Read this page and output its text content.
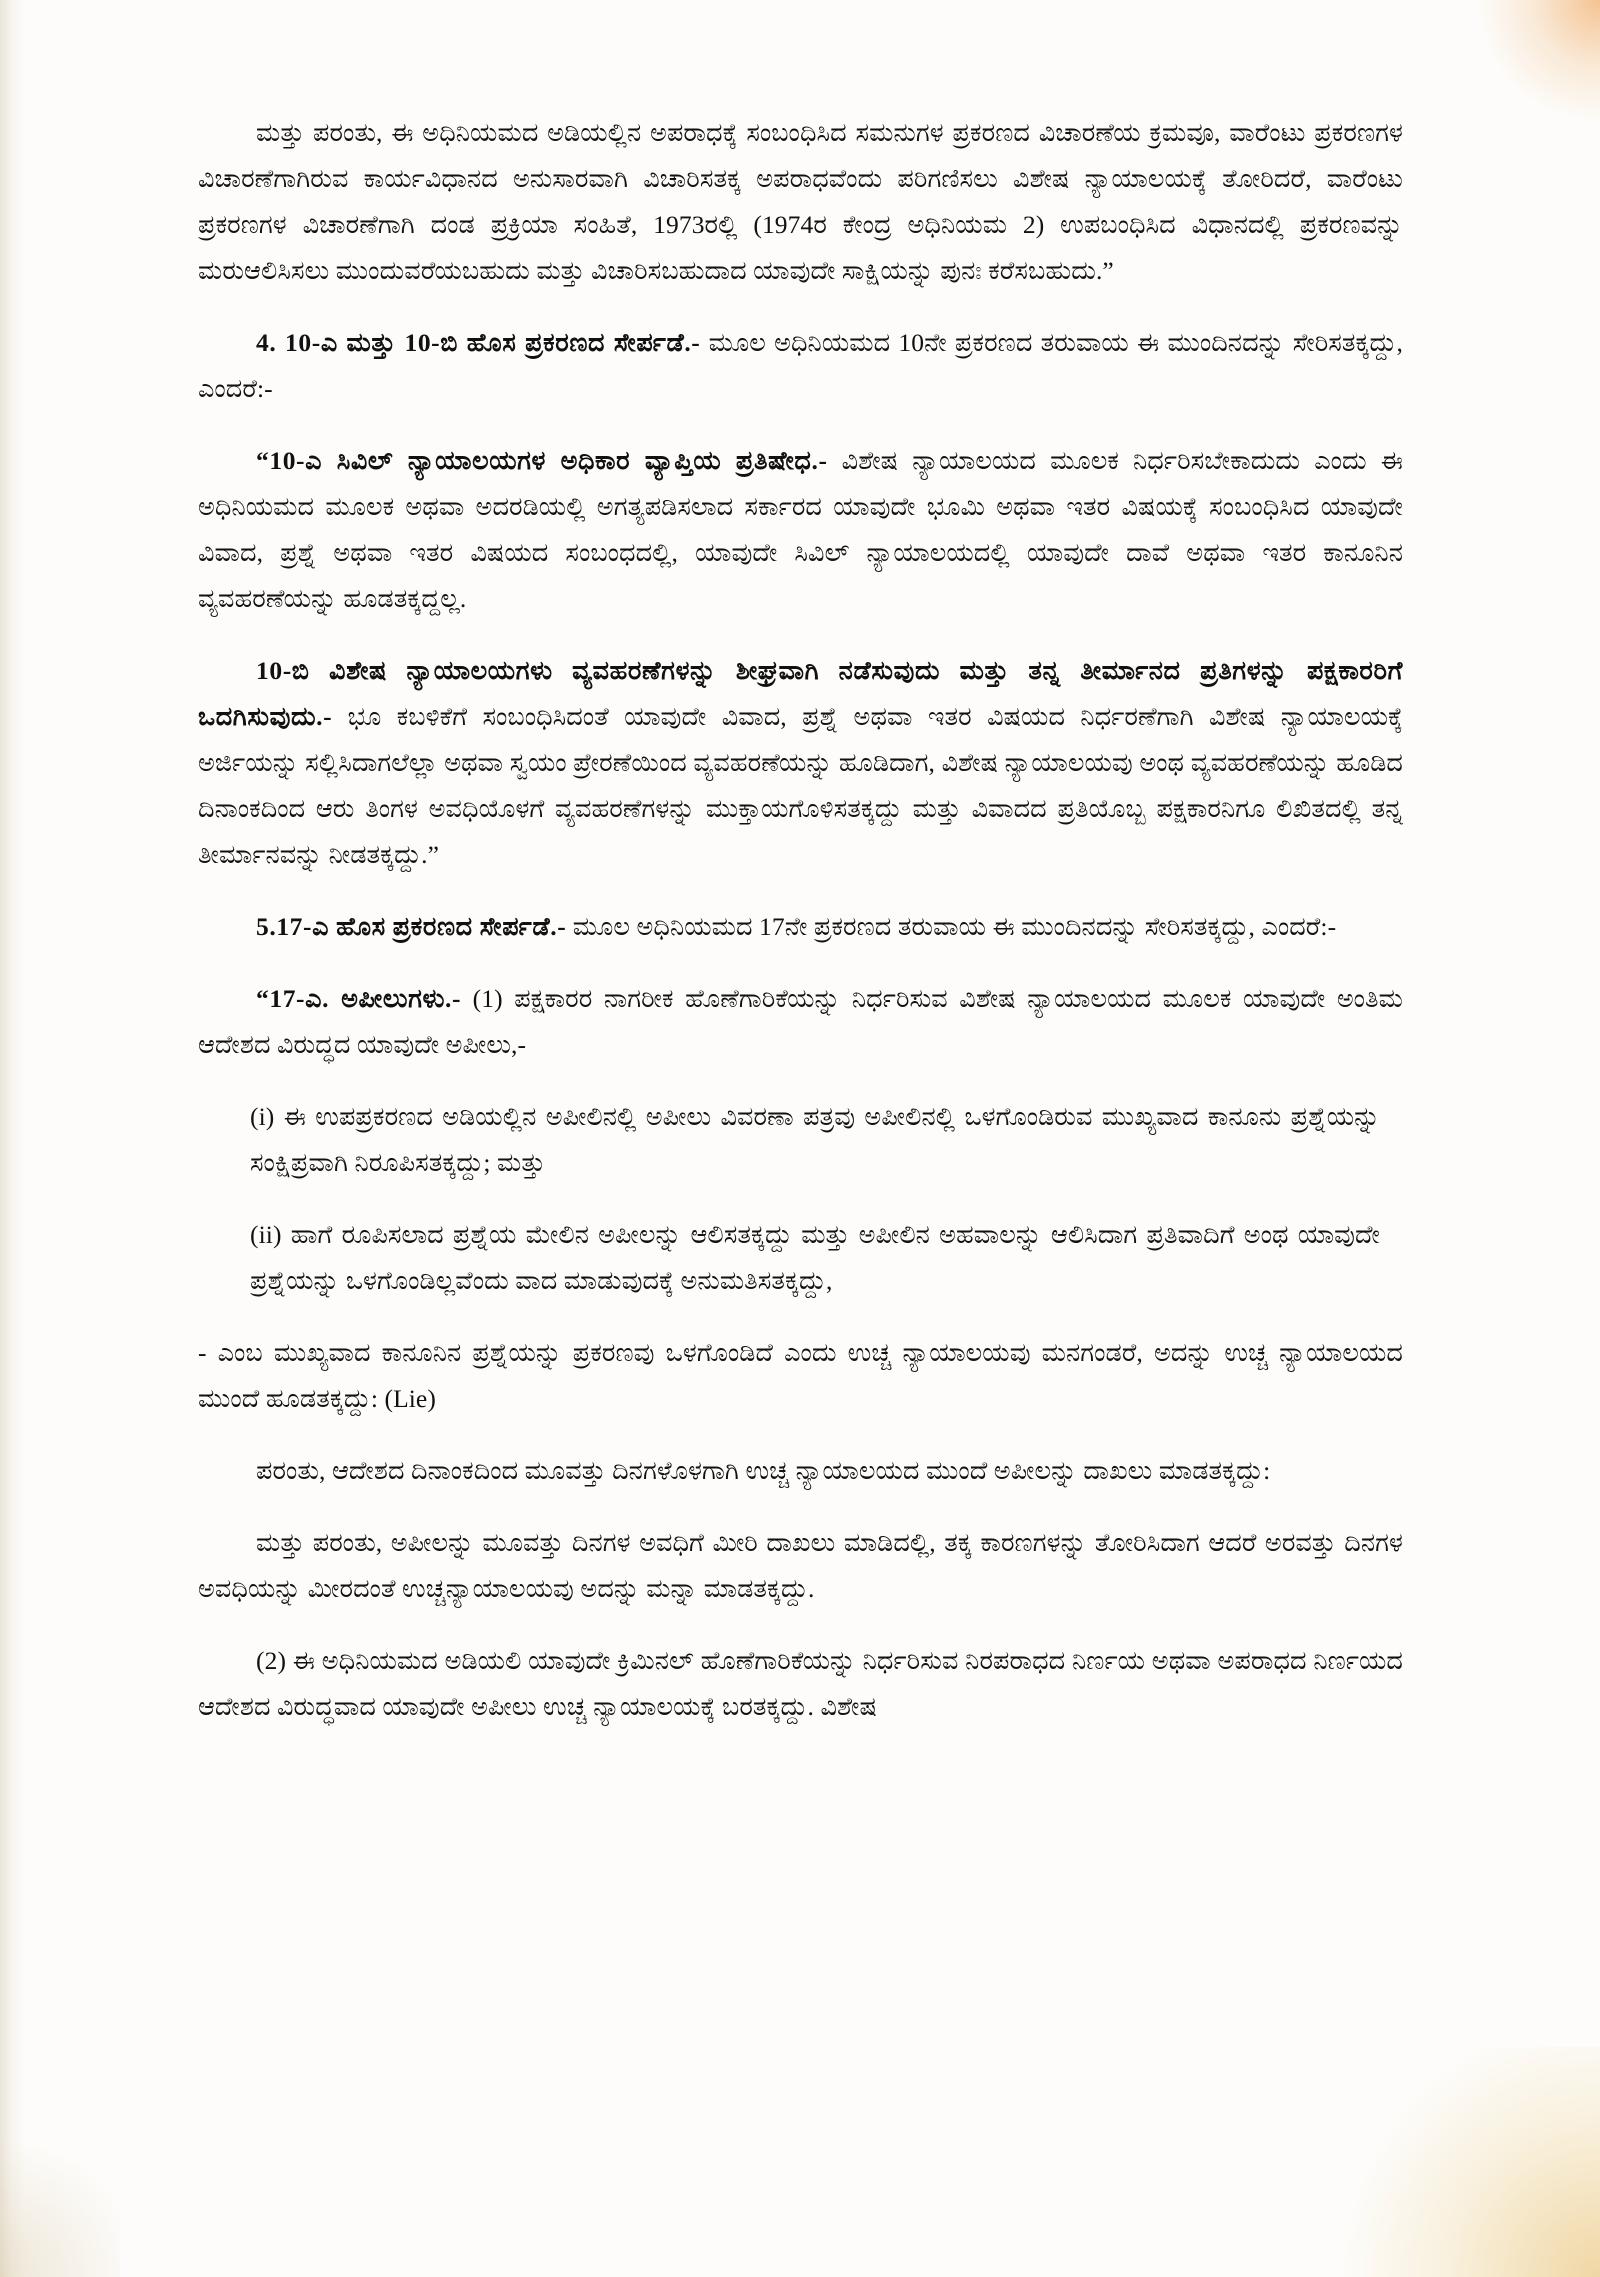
ಮತ್ತು ಪರಂತು, ಈ ಅಧಿನಿಯಮದ ಅಡಿಯಲ್ಲಿನ ಅಪರಾಧಕ್ಕೆ ಸಂಬಂಧಿಸಿದ ಸಮನುಗಳ ಪ್ರಕರಣದ ವಿಚಾರಣೆಯ ಕ್ರಮವೂ, ವಾರೆಂಟು ಪ್ರಕರಣಗಳ ವಿಚಾರಣೆಗಾಗಿರುವ ಕಾರ್ಯವಿಧಾನದ ಅನುಸಾರವಾಗಿ ವಿಚಾರಿಸತಕ್ಕ ಅಪರಾಧವೆಂದು ಪರಿಗಣಿಸಲು ವಿಶೇಷ ನ್ಯಾಯಾಲಯಕ್ಕೆ ತೋರಿದರೆ, ವಾರೆಂಟು ಪ್ರಕರಣಗಳ ವಿಚಾರಣೆಗಾಗಿ ದಂಡ ಪ್ರಕ್ರಿಯಾ ಸಂಹಿತೆ, 1973ರಲ್ಲಿ (1974ರ ಕೇಂದ್ರ ಅಧಿನಿಯಮ 2) ಉಪಬಂಧಿಸಿದ ವಿಧಾನದಲ್ಲಿ ಪ್ರಕರಣವನ್ನು ಮರುಆಲಿಸಿಸಲು ಮುಂದುವರೆಯಬಹುದು ಮತ್ತು ವಿಚಾರಿಸಬಹುದಾದ ಯಾವುದೇ ಸಾಕ್ಷಿಯನ್ನು ಪುನಃ ಕರೆಸಬಹುದು.”

4. 10-ಎ ಮತ್ತು 10-ಬಿ ಹೊಸ ಪ್ರಕರಣದ ಸೇರ್ಪಡೆ.- ಮೂಲ ಅಧಿನಿಯಮದ 10ನೇ ಪ್ರಕರಣದ ತರುವಾಯ ಈ ಮುಂದಿನದನ್ನು ಸೇರಿಸತಕ್ಕದ್ದು, ಎಂದರೆ:-

“10-ಎ ಸಿವಿಲ್ ನ್ಯಾಯಾಲಯಗಳ ಅಧಿಕಾರ ವ್ಯಾಪ್ತಿಯ ಪ್ರತಿಷೇಧ.- ವಿಶೇಷ ನ್ಯಾಯಾಲಯದ ಮೂಲಕ ನಿರ್ಧರಿಸಬೇಕಾದುದು ಎಂದು ಈ ಅಧಿನಿಯಮದ ಮೂಲಕ ಅಥವಾ ಅದರಡಿಯಲ್ಲಿ ಅಗತ್ಯಪಡಿಸಲಾದ ಸರ್ಕಾರದ ಯಾವುದೇ ಭೂಮಿ ಅಥವಾ ಇತರ ವಿಷಯಕ್ಕೆ ಸಂಬಂಧಿಸಿದ ಯಾವುದೇ ವಿವಾದ, ಪ್ರಶ್ನೆ ಅಥವಾ ಇತರ ವಿಷಯದ ಸಂಬಂಧದಲ್ಲಿ, ಯಾವುದೇ ಸಿವಿಲ್ ನ್ಯಾಯಾಲಯದಲ್ಲಿ ಯಾವುದೇ ದಾವೆ ಅಥವಾ ಇತರ ಕಾನೂನಿನ ವ್ಯವಹರಣೆಯನ್ನು ಹೂಡತಕ್ಕದ್ದಲ್ಲ.

10-ಬಿ ವಿಶೇಷ ನ್ಯಾಯಾಲಯಗಳು ವ್ಯವಹರಣೆಗಳನ್ನು ಶೀಘ್ರವಾಗಿ ನಡೆಸುವುದು ಮತ್ತು ತನ್ನ ತೀರ್ಮಾನದ ಪ್ರತಿಗಳನ್ನು ಪಕ್ಷಕಾರರಿಗೆ ಒದಗಿಸುವುದು.- ಭೂ ಕಬಳಿಕೆಗೆ ಸಂಬಂಧಿಸಿದಂತೆ ಯಾವುದೇ ವಿವಾದ, ಪ್ರಶ್ನೆ ಅಥವಾ ಇತರ ವಿಷಯದ ನಿರ್ಧರಣೆಗಾಗಿ ವಿಶೇಷ ನ್ಯಾಯಾಲಯಕ್ಕೆ ಅರ್ಜಿಯನ್ನು ಸಲ್ಲಿಸಿದಾಗಲೆಲ್ಲಾ ಅಥವಾ ಸ್ವಯಂ ಪ್ರೇರಣೆಯಿಂದ ವ್ಯವಹರಣೆಯನ್ನು ಹೂಡಿದಾಗ, ವಿಶೇಷ ನ್ಯಾಯಾಲಯವು ಅಂಥ ವ್ಯವಹರಣೆಯನ್ನು ಹೂಡಿದ ದಿನಾಂಕದಿಂದ ಆರು ತಿಂಗಳ ಅವಧಿಯೊಳಗೆ ವ್ಯವಹರಣೆಗಳನ್ನು ಮುಕ್ತಾಯಗೊಳಿಸತಕ್ಕದ್ದು ಮತ್ತು ವಿವಾದದ ಪ್ರತಿಯೊಬ್ಬ ಪಕ್ಷಕಾರನಿಗೂ ಲಿಖಿತದಲ್ಲಿ ತನ್ನ ತೀರ್ಮಾನವನ್ನು ನೀಡತಕ್ಕದ್ದು.”

5.17-ಎ ಹೊಸ ಪ್ರಕರಣದ ಸೇರ್ಪಡೆ.- ಮೂಲ ಅಧಿನಿಯಮದ 17ನೇ ಪ್ರಕರಣದ ತರುವಾಯ ಈ ಮುಂದಿನದನ್ನು ಸೇರಿಸತಕ್ಕದ್ದು, ಎಂದರೆ:-

“17-ಎ. ಅಪೀಲುಗಳು.- (1) ಪಕ್ಷಕಾರರ ನಾಗರೀಕ ಹೊಣೆಗಾರಿಕೆಯನ್ನು ನಿರ್ಧರಿಸುವ ವಿಶೇಷ ನ್ಯಾಯಾಲಯದ ಮೂಲಕ ಯಾವುದೇ ಅಂತಿಮ ಆದೇಶದ ವಿರುದ್ಧದ ಯಾವುದೇ ಅಪೀಲು,-

(i) ಈ ಉಪಪ್ರಕರಣದ ಅಡಿಯಲ್ಲಿನ ಅಪೀಲಿನಲ್ಲಿ ಅಪೀಲು ವಿವರಣಾ ಪತ್ರವು ಅಪೀಲಿನಲ್ಲಿ ಒಳಗೊಂಡಿರುವ ಮುಖ್ಯವಾದ ಕಾನೂನು ಪ್ರಶ್ನೆಯನ್ನು ಸಂಕ್ಷಿಪ್ರವಾಗಿ ನಿರೂಪಿಸತಕ್ಕದ್ದು; ಮತ್ತು

(ii) ಹಾಗೆ ರೂಪಿಸಲಾದ ಪ್ರಶ್ನೆಯ ಮೇಲಿನ ಅಪೀಲನ್ನು ಆಲಿಸತಕ್ಕದ್ದು ಮತ್ತು ಅಪೀಲಿನ ಅಹವಾಲನ್ನು ಆಲಿಸಿದಾಗ ಪ್ರತಿವಾದಿಗೆ ಅಂಥ ಯಾವುದೇ ಪ್ರಶ್ನೆಯನ್ನು ಒಳಗೊಂಡಿಲ್ಲವೆಂದು ವಾದ ಮಾಡುವುದಕ್ಕೆ ಅನುಮತಿಸತಕ್ಕದ್ದು,

- ಎಂಬ ಮುಖ್ಯವಾದ ಕಾನೂನಿನ ಪ್ರಶ್ನೆಯನ್ನು ಪ್ರಕರಣವು ಒಳಗೊಂಡಿದೆ ಎಂದು ಉಚ್ಚ ನ್ಯಾಯಾಲಯವು ಮನಗಂಡರೆ, ಅದನ್ನು ಉಚ್ಚ ನ್ಯಾಯಾಲಯದ ಮುಂದೆ ಹೂಡತಕ್ಕದ್ದು: (Lie)

ಪರಂತು, ಆದೇಶದ ದಿನಾಂಕದಿಂದ ಮೂವತ್ತು ದಿನಗಳೊಳಗಾಗಿ ಉಚ್ಚ ನ್ಯಾಯಾಲಯದ ಮುಂದೆ ಅಪೀಲನ್ನು ದಾಖಲು ಮಾಡತಕ್ಕದ್ದು:

ಮತ್ತು ಪರಂತು, ಅಪೀಲನ್ನು ಮೂವತ್ತು ದಿನಗಳ ಅವಧಿಗೆ ಮೀರಿ ದಾಖಲು ಮಾಡಿದಲ್ಲಿ, ತಕ್ಕ ಕಾರಣಗಳನ್ನು ತೋರಿಸಿದಾಗ ಆದರೆ ಅರವತ್ತು ದಿನಗಳ ಅವಧಿಯನ್ನು ಮೀರದಂತೆ ಉಚ್ಚನ್ಯಾಯಾಲಯವು ಅದನ್ನು ಮನ್ನಾ ಮಾಡತಕ್ಕದ್ದು.

(2) ಈ ಅಧಿನಿಯಮದ ಅಡಿಯಲಿ ಯಾವುದೇ ಕ್ರಿಮಿನಲ್ ಹೊಣೆಗಾರಿಕೆಯನ್ನು ನಿರ್ಧರಿಸುವ ನಿರಪರಾಧದ ನಿರ್ಣಯ ಅಥವಾ ಅಪರಾಧದ ನಿರ್ಣಯದ ಆದೇಶದ ವಿರುದ್ಧವಾದ ಯಾವುದೇ ಅಪೀಲು ಉಚ್ಚ ನ್ಯಾಯಾಲಯಕ್ಕೆ ಬರತಕ್ಕದ್ದು. ವಿಶೇಷ
